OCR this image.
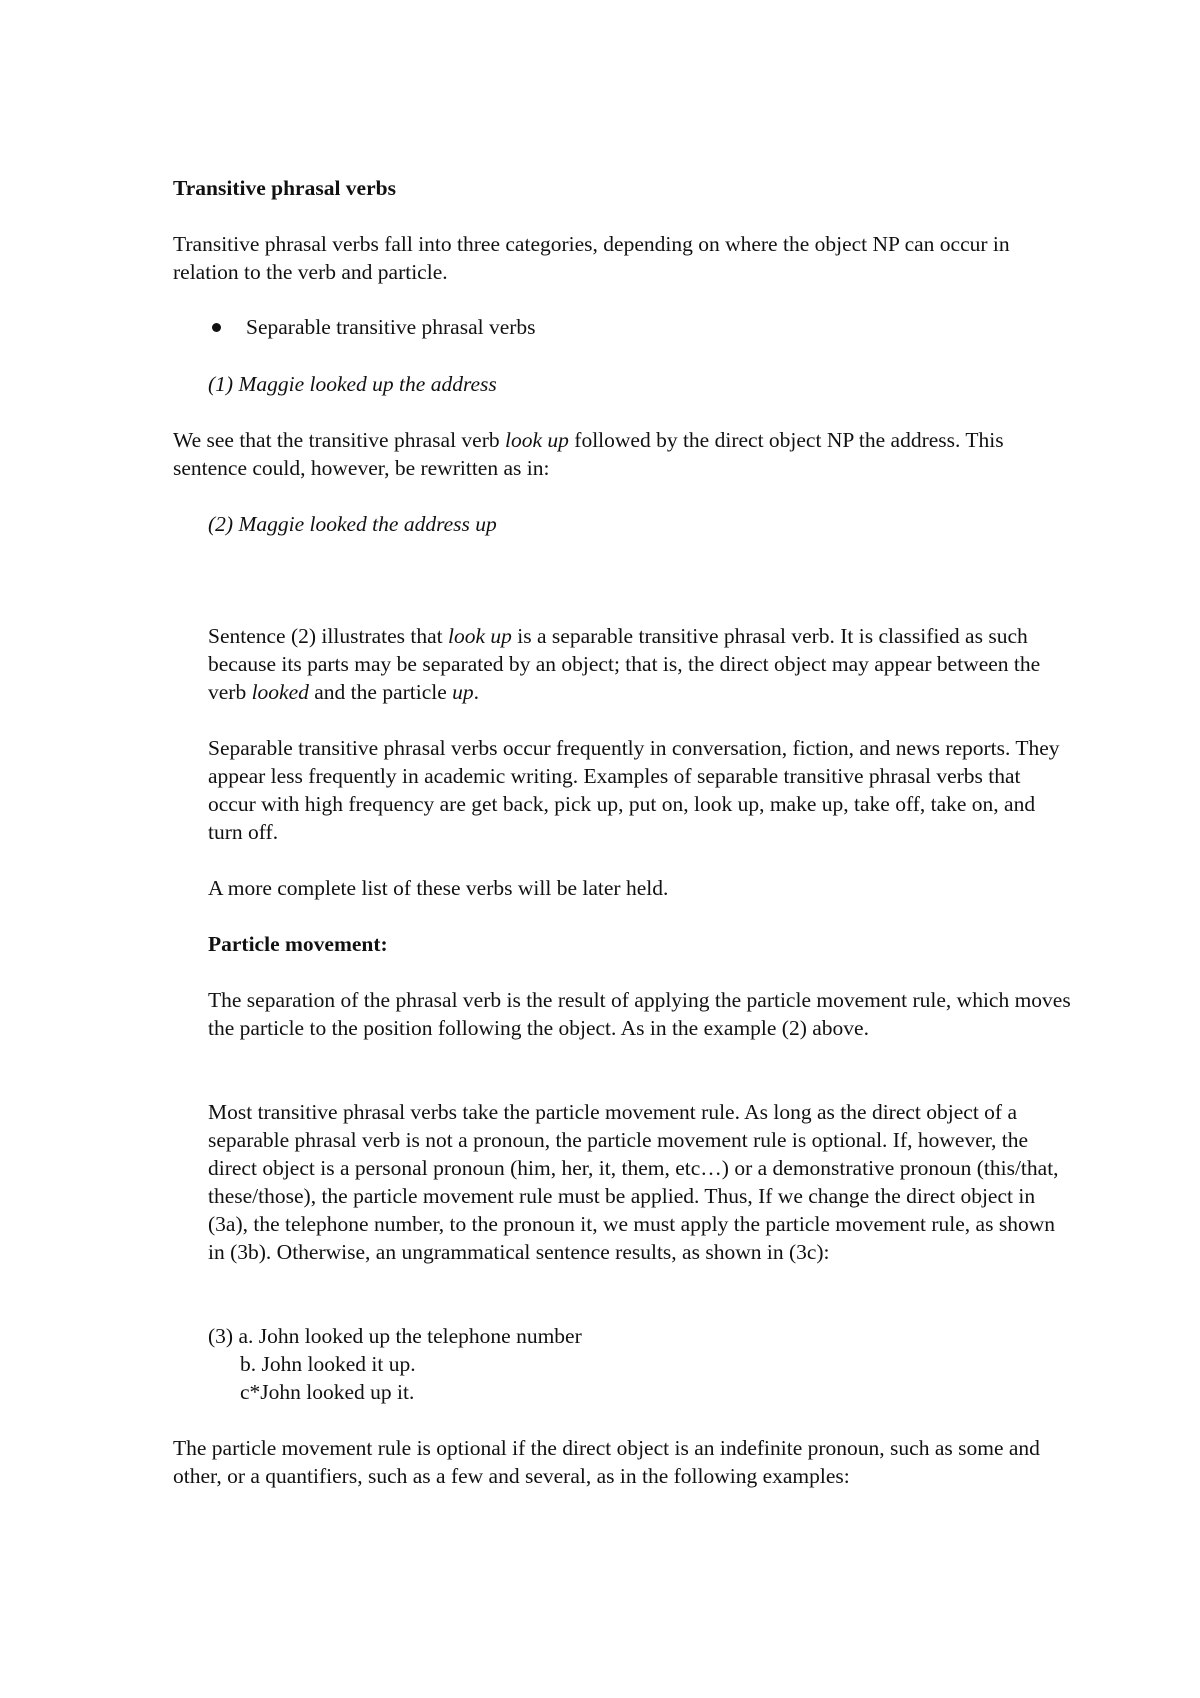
Transitive phrasal verbs

Transitive phrasal verbs fall into three categories, depending on where the object NP can occur in relation to the verb and particle.

Separable transitive phrasal verbs
(1) Maggie looked up the address

We see that the transitive phrasal verb look up followed by the direct object NP the address. This sentence could, however, be rewritten as in:

(2) Maggie looked the address up

Sentence (2) illustrates that look up is a separable transitive phrasal verb. It is classified as such because its parts may be separated by an object; that is, the direct object may appear between the verb looked and the particle up.

Separable transitive phrasal verbs occur frequently in conversation, fiction, and news reports. They appear less frequently in academic writing. Examples of separable transitive phrasal verbs that occur with high frequency are get back, pick up, put on, look up, make up, take off, take on, and turn off.

A more complete list of these verbs will be later held.

Particle movement:

The separation of the phrasal verb is the result of applying the particle movement rule, which moves the particle to the position following the object. As in the example (2) above.

Most transitive phrasal verbs take the particle movement rule. As long as the direct object of a separable phrasal verb is not a pronoun, the particle movement rule is optional. If, however, the direct object is a personal pronoun (him, her, it, them, etc…) or a demonstrative pronoun (this/that, these/those), the particle movement rule must be applied. Thus, If we change the direct object in (3a), the telephone number, to the pronoun it, we must apply the particle movement rule, as shown in (3b). Otherwise, an ungrammatical sentence results, as shown in (3c):

(3) a. John looked up the telephone number
b. John looked it up.
c*John looked up it.

The particle movement rule is optional if the direct object is an indefinite pronoun, such as some and other, or a quantifiers, such as a few and several, as in the following examples:
